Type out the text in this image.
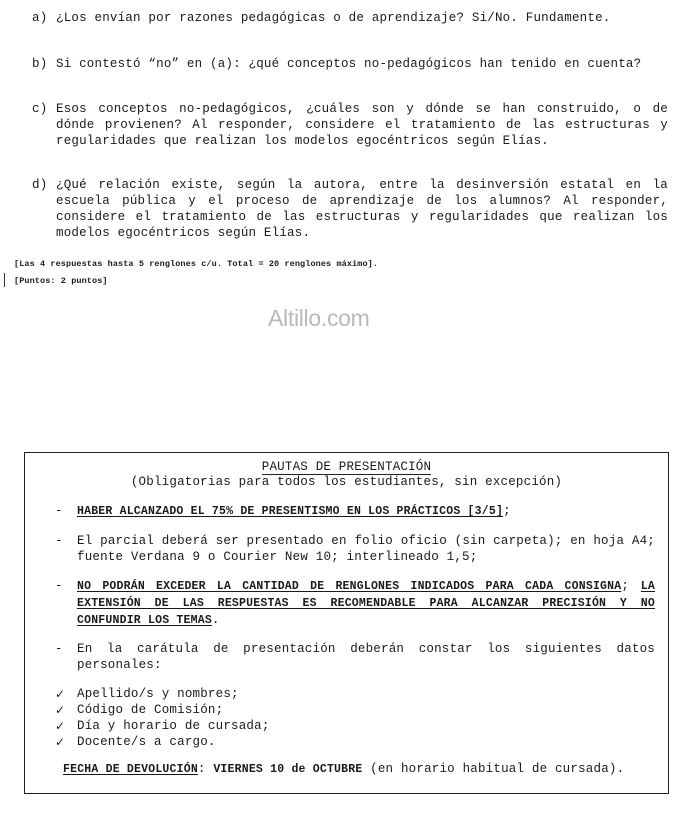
a) ¿Los envían por razones pedagógicas o de aprendizaje? Si/No. Fundamente.
b) Si contestó “no” en (a): ¿qué conceptos no-pedagógicos han tenido en cuenta?
c) Esos conceptos no-pedagógicos, ¿cuáles son y dónde se han construido, o de dónde provienen? Al responder, considere el tratamiento de las estructuras y regularidades que realizan los modelos egocéntricos según Elías.
d) ¿Qué relación existe, según la autora, entre la desinversión estatal en la escuela pública y el proceso de aprendizaje de los alumnos? Al responder, considere el tratamiento de las estructuras y regularidades que realizan los modelos egocéntricos según Elías.
[Las 4 respuestas hasta 5 renglones c/u. Total = 20 renglones máximo].
[Puntos: 2 puntos]
Altillo.com
PAUTAS DE PRESENTACIÓN
(Obligatorias para todos los estudiantes, sin excepción)
-	HABER ALCANZADO EL 75% DE PRESENTISMO EN LOS PRÁCTICOS [3/5];
-	El parcial deberá ser presentado en folio oficio (sin carpeta); en hoja A4; fuente Verdana 9 o Courier New 10; interlineado 1,5;
-	NO PODRÁN EXCEDER LA CANTIDAD DE RENGLONES INDICADOS PARA CADA CONSIGNA; LA EXTENSIÓN DE LAS RESPUESTAS ES RECOMENDABLE PARA ALCANZAR PRECISIÓN Y NO CONFUNDIR LOS TEMAS.
-	En la carátula de presentación deberán constar los siguientes datos personales:
✓ Apellido/s y nombres;
✓ Código de Comisión;
✓ Día y horario de cursada;
✓ Docente/s a cargo.
FECHA DE DEVOLUCIÓN: VIERNES 10 de OCTUBRE (en horario habitual de cursada).
